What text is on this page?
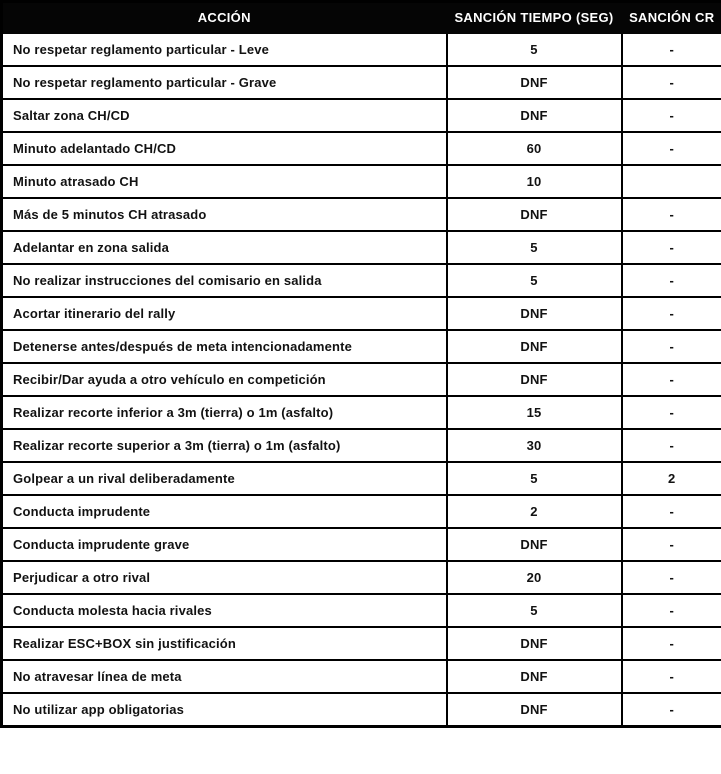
ACCIÓN	SANCIÓN TIEMPO (SEG)	SANCIÓN CR
No respetar reglamento particular - Leve	5	-
No respetar reglamento particular - Grave	DNF	-
Saltar zona CH/CD	DNF	-
Minuto adelantado CH/CD	60	-
Minuto atrasado CH	10	
Más de 5 minutos CH atrasado	DNF	-
Adelantar en zona salida	5	-
No realizar instrucciones del comisario en salida	5	-
Acortar itinerario del rally	DNF	-
Detenerse antes/después de meta intencionadamente	DNF	-
Recibir/Dar ayuda a otro vehículo en competición	DNF	-
Realizar recorte inferior a 3m (tierra) o 1m (asfalto)	15	-
Realizar recorte superior a 3m (tierra) o 1m (asfalto)	30	-
Golpear a un rival deliberadamente	5	2
Conducta imprudente	2	-
Conducta imprudente grave	DNF	-
Perjudicar a otro rival	20	-
Conducta molesta hacia rivales	5	-
Realizar ESC+BOX sin justificación	DNF	-
No atravesar línea de meta	DNF	-
No utilizar app obligatorias	DNF	-
